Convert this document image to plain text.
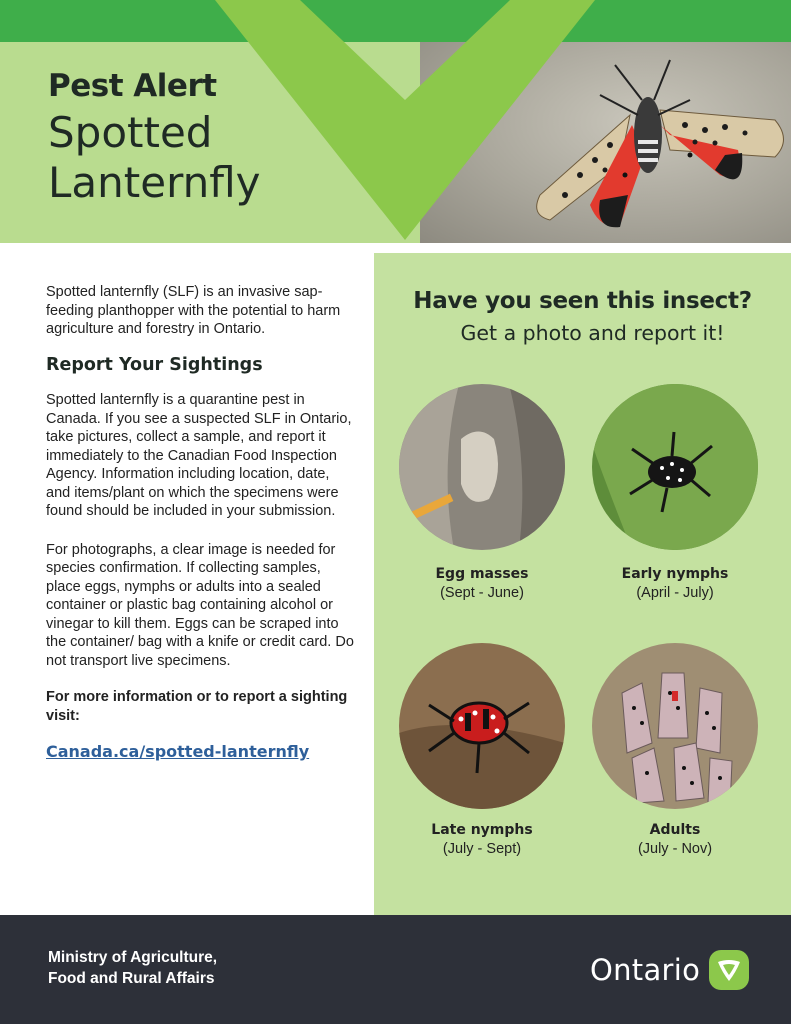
Pest Alert
Spotted
Lanternfly

Spotted lanternfly (SLF) is an invasive sap-feeding planthopper with the potential to harm agriculture and forestry in Ontario.

Report Your Sightings

Spotted lanternfly is a quarantine pest in Canada. If you see a suspected SLF in Ontario, take pictures, collect a sample, and report it immediately to the Canadian Food Inspection Agency. Information including location, date, and items/plant on which the specimens were found should be included in your submission.

For photographs, a clear image is needed for species confirmation. If collecting samples, place eggs, nymphs or adults into a sealed container or plastic bag containing alcohol or vinegar to kill them. Eggs can be scraped into the container/ bag with a knife or credit card. Do not transport live specimens.

For more information or to report a sighting visit:

Canada.ca/spotted-lanternfly
Have you seen this insect?
Get a photo and report it!
Egg masses
(Sept - June)
Early nymphs
(April - July)
Late nymphs
(July - Sept)
Adults
(July - Nov)
Ministry of Agriculture,
Food and Rural Affairs	Ontario
